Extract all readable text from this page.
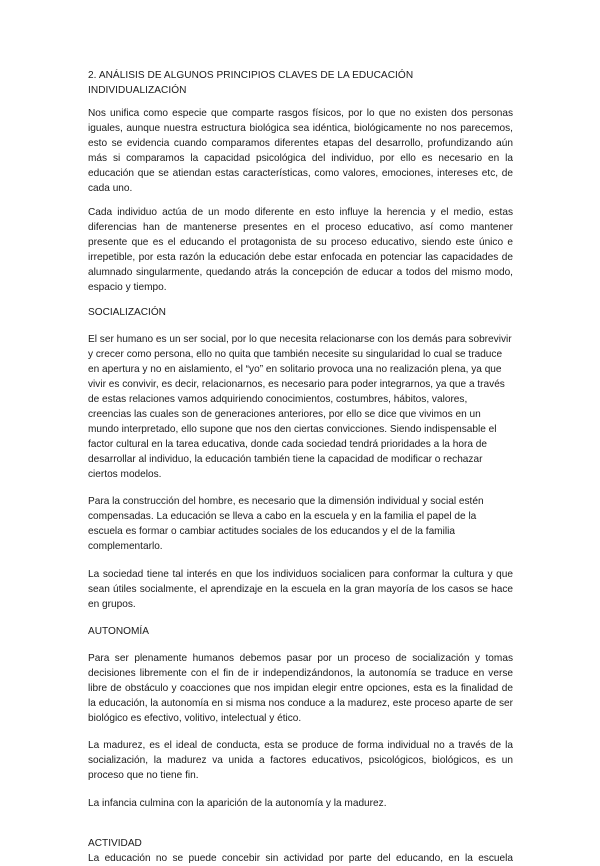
2. ANÁLISIS DE ALGUNOS PRINCIPIOS CLAVES DE LA EDUCACIÓN INDIVIDUALIZACIÓN

Nos unifica como especie que comparte rasgos físicos, por lo que no existen dos personas iguales, aunque nuestra estructura biológica sea idéntica, biológicamente no nos parecemos, esto se evidencia cuando comparamos diferentes etapas del desarrollo, profundizando aún más si comparamos la capacidad psicológica del individuo, por ello es necesario en la educación que se atiendan estas características, como valores, emociones, intereses etc, de cada uno.

Cada individuo actúa de un modo diferente en esto influye la herencia y el medio, estas diferencias han de mantenerse presentes en el proceso educativo, así como mantener presente que es el educando el protagonista de su proceso educativo, siendo este único e irrepetible, por esta razón la educación debe estar enfocada en potenciar las capacidades de alumnado singularmente, quedando atrás la concepción de educar a todos del mismo modo, espacio y tiempo.

SOCIALIZACIÓN

El ser humano es un ser social, por lo que necesita relacionarse con los demás para sobrevivir y crecer como persona, ello no quita que también necesite su singularidad lo cual se traduce en apertura y no en aislamiento, el “yo” en solitario provoca una no realización plena, ya que vivir es convivir, es decir, relacionarnos, es necesario para poder integrarnos, ya que a través de estas relaciones vamos adquiriendo conocimientos, costumbres, hábitos, valores, creencias las cuales son de generaciones anteriores, por ello se dice que vivimos en un mundo interpretado, ello supone que nos den ciertas convicciones. Siendo indispensable el factor cultural en la tarea educativa, donde cada sociedad tendrá prioridades a la hora de desarrollar al individuo, la educación también tiene la capacidad de modificar o rechazar ciertos modelos.

Para la construcción del hombre, es necesario que la dimensión individual y social estén compensadas. La educación se lleva a cabo en la escuela y en la familia el papel de la escuela es formar o cambiar actitudes sociales de los educandos y el de la familia complementarlo.

La sociedad tiene tal interés en que los individuos socialicen para conformar la cultura y que sean útiles socialmente, el aprendizaje en la escuela en la gran mayoría de los casos se hace en grupos.

AUTONOMÍA

Para ser plenamente humanos debemos pasar por un proceso de socialización y tomas decisiones libremente con el fin de ir independizándonos, la autonomía se traduce en verse libre de obstáculo y coacciones que nos impidan elegir entre opciones, esta es la finalidad de la educación, la autonomía en si misma nos conduce a la madurez, este proceso aparte de ser biológico es efectivo, volitivo, intelectual y ético.

La madurez, es el ideal de conducta, esta se produce de forma individual no a través de la socialización, la madurez va unida a factores educativos, psicológicos, biológicos, es un proceso que no tiene fin.

La infancia culmina con la aparición de la autonomía y la madurez.

ACTIVIDAD

La educación no se puede concebir sin actividad por parte del educando, en la escuela
